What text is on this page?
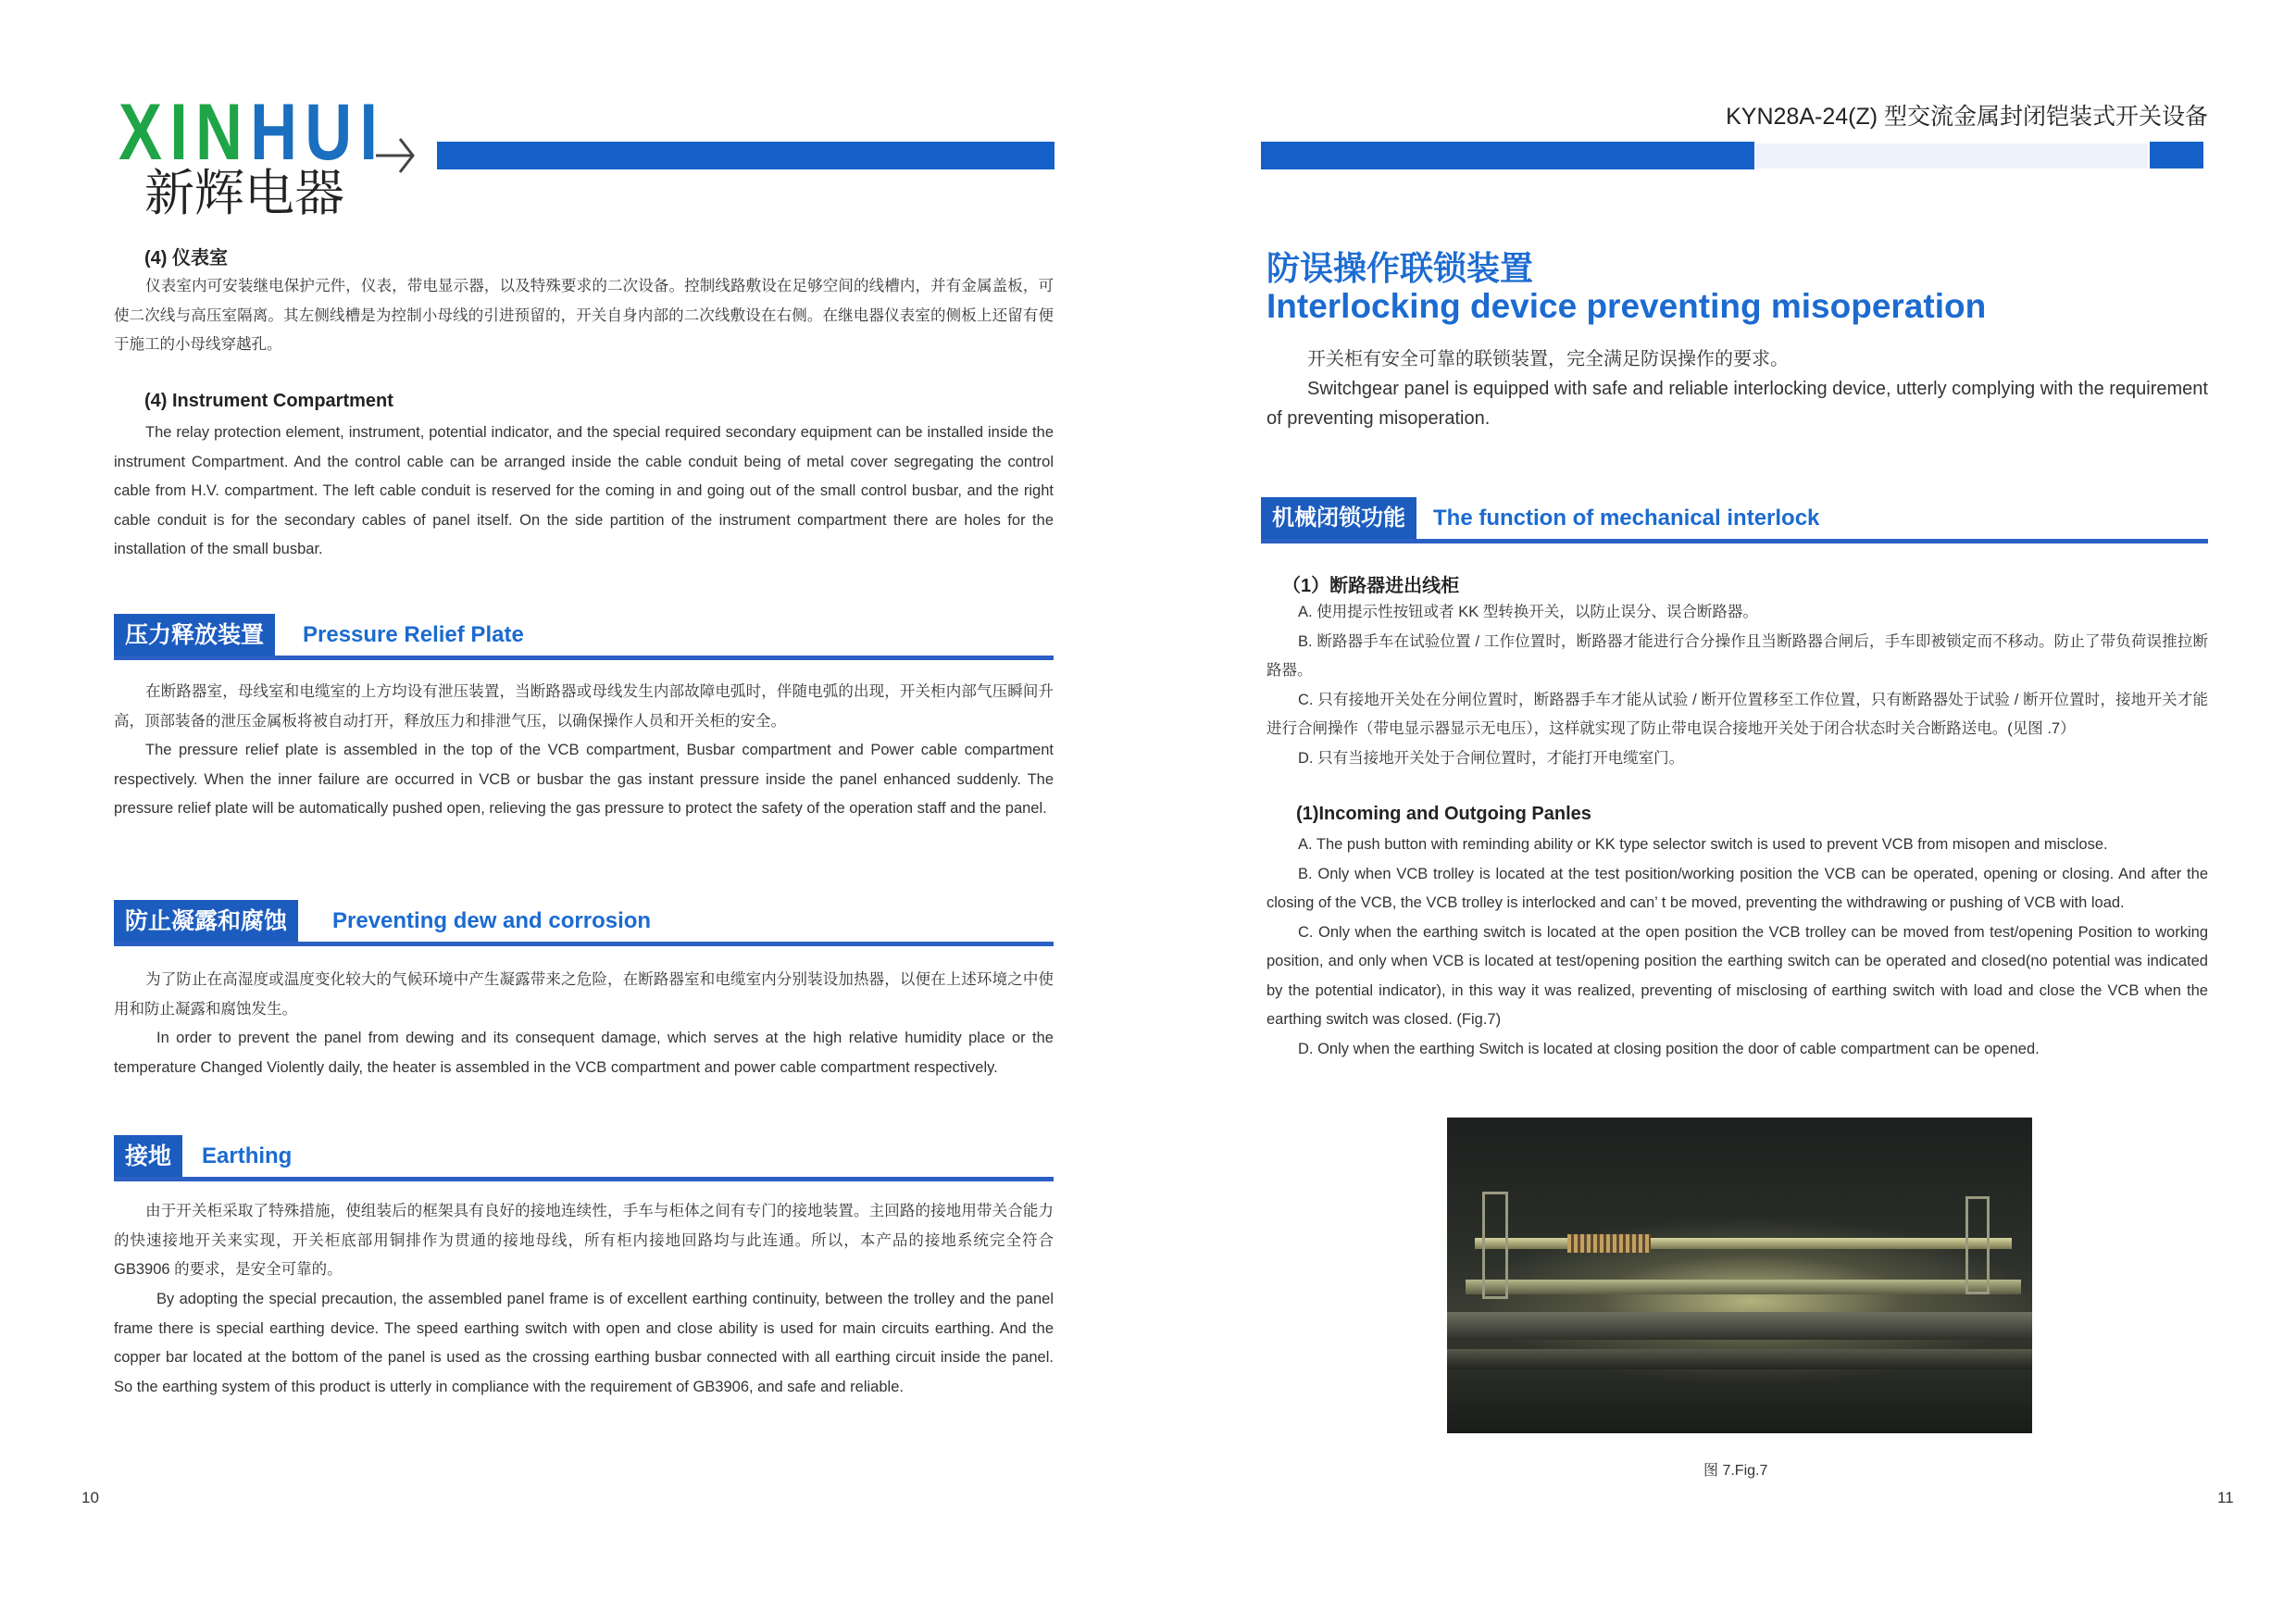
XINHUI
新辉电器
(4) 仪表室
仪表室内可安装继电保护元件，仪表，带电显示器，以及特殊要求的二次设备。控制线路敷设在足够空间的线槽内，并有金属盖板，可使二次线与高压室隔离。其左侧线槽是为控制小母线的引进预留的，开关自身内部的二次线敷设在右侧。在继电器仪表室的侧板上还留有便于施工的小母线穿越孔。
(4) Instrument Compartment
The relay protection element, instrument, potential indicator, and the special required secondary equipment can be installed inside the instrument Compartment. And the control cable can be arranged inside the cable conduit being of metal cover segregating the control cable from H.V. compartment. The left cable conduit is reserved for the coming in and going out of the small control busbar, and the right cable conduit is for the secondary cables of panel itself. On the side partition of the instrument compartment there are holes for the installation of the small busbar.
压力释放装置	Pressure Relief Plate
在断路器室，母线室和电缆室的上方均设有泄压装置，当断路器或母线发生内部故障电弧时，伴随电弧的出现，开关柜内部气压瞬间升高，顶部装备的泄压金属板将被自动打开，释放压力和排泄气压，以确保操作人员和开关柜的安全。
The pressure relief plate is assembled in the top of the VCB compartment, Busbar compartment and Power cable compartment respectively. When the inner failure are occurred in VCB or busbar the gas instant pressure inside the panel enhanced suddenly. The pressure relief plate will be automatically pushed open, relieving the gas pressure to protect the safety of the operation staff and the panel.
防止凝露和腐蚀	Preventing dew and corrosion
为了防止在高湿度或温度变化较大的气候环境中产生凝露带来之危险，在断路器室和电缆室内分别装设加热器，以便在上述环境之中使用和防止凝露和腐蚀发生。
In order to prevent the panel from dewing and its consequent damage, which serves at the high relative humidity place or the temperature Changed Violently daily, the heater is assembled in the VCB compartment and power cable compartment respectively.
接地	Earthing
由于开关柜采取了特殊措施，使组装后的框架具有良好的接地连续性，手车与柜体之间有专门的接地装置。主回路的接地用带关合能力的快速接地开关来实现，开关柜底部用铜排作为贯通的接地母线，所有柜内接地回路均与此连通。所以，本产品的接地系统完全符合 GB3906 的要求，是安全可靠的。
By adopting the special precaution, the assembled panel frame is of excellent earthing continuity, between the trolley and the panel frame there is special earthing device. The speed earthing switch with open and close ability is used for main circuits earthing. And the copper bar located at the bottom of the panel is used as the crossing earthing busbar connected with all earthing circuit inside the panel. So the earthing system of this product is utterly in compliance with the requirement of GB3906, and safe and reliable.
10
KYN28A-24(Z) 型交流金属封闭铠装式开关设备
防误操作联锁装置
Interlocking device preventing misoperation
开关柜有安全可靠的联锁装置，完全满足防误操作的要求。
Switchgear panel is equipped with safe and reliable interlocking device, utterly complying with the requirement of preventing misoperation.
机械闭锁功能	The function of mechanical interlock
（1）断路器进出线柜
A. 使用提示性按钮或者 KK 型转换开关，以防止误分、误合断路器。
B. 断路器手车在试验位置 / 工作位置时，断路器才能进行合分操作且当断路器合闸后，手车即被锁定而不移动。防止了带负荷误推拉断路器。
C. 只有接地开关处在分闸位置时，断路器手车才能从试验 / 断开位置移至工作位置，只有断路器处于试验 / 断开位置时，接地开关才能进行合闸操作（带电显示器显示无电压），这样就实现了防止带电误合接地开关处于闭合状态时关合断路送电。(见图 .7）
D. 只有当接地开关处于合闸位置时，才能打开电缆室门。
(1)Incoming and Outgoing Panles
A. The push button with reminding ability or KK type selector switch is used to prevent VCB from misopen and misclose.
B. Only when VCB trolley is located at the test position/working position the VCB can be operated, opening or closing. And after the closing of the VCB, the VCB trolley is interlocked and can’ t be moved, preventing the withdrawing or pushing of VCB with load.
C. Only when the earthing switch is located at the open position the VCB trolley can be moved from test/opening Position to working position, and only when VCB is located at test/opening position the earthing switch can be operated and closed(no potential was indicated by the potential indicator), in this way it was realized, preventing of misclosing of earthing switch with load and close the VCB when the earthing switch was closed. (Fig.7)
D. Only when the earthing Switch is located at closing position the door of cable compartment can be opened.
图 7.Fig.7
11
